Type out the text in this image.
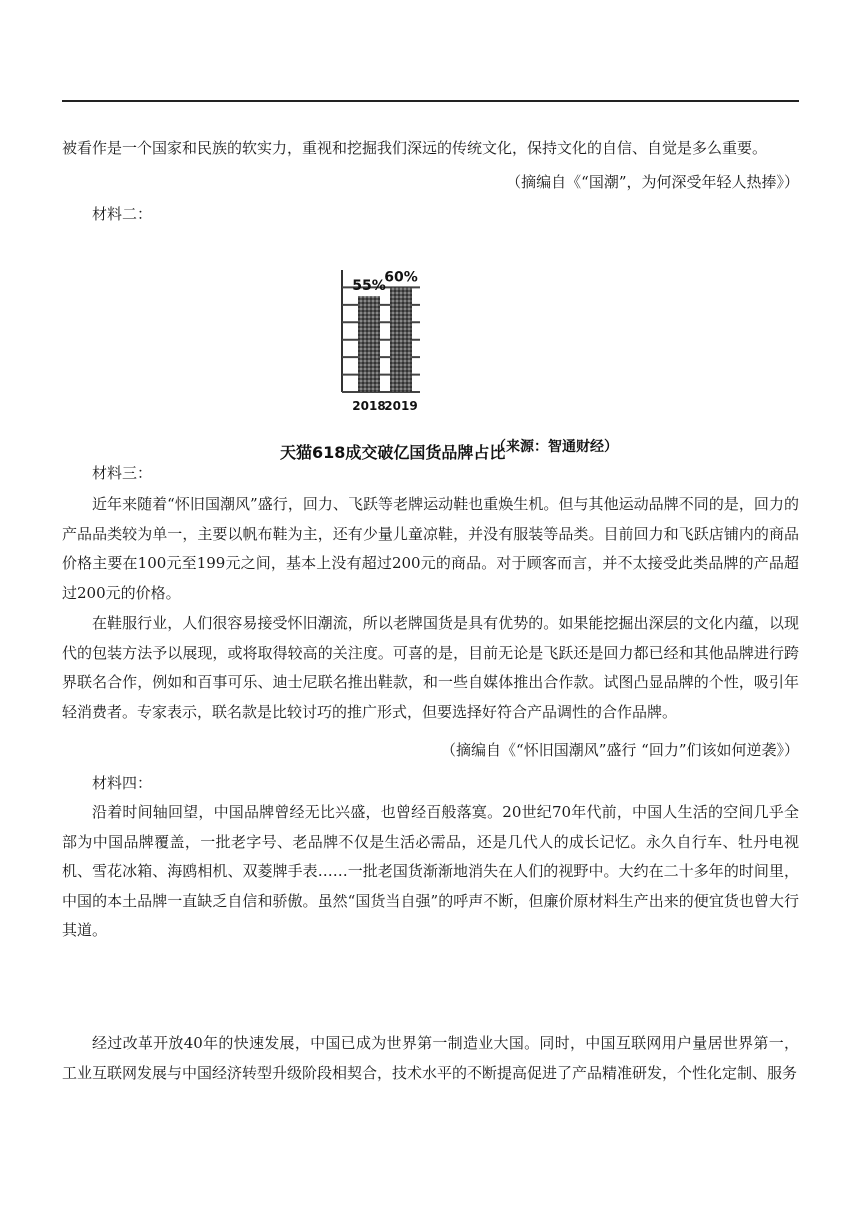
被看作是一个国家和民族的软实力，重视和挖掘我们深远的传统文化，保持文化的自信、自觉是多么重要。

（摘编自《“国潮”，为何深受年轻人热捧》）

材料二：

55%
60%
2018
2019
天猫618成交破亿国货品牌占比
（来源：智通财经）

材料三：

近年来随着“怀旧国潮风”盛行，回力、飞跃等老牌运动鞋也重焕生机。但与其他运动品牌不同的是，回力的产品品类较为单一，主要以帆布鞋为主，还有少量儿童凉鞋，并没有服装等品类。目前回力和飞跃店铺内的商品价格主要在100元至199元之间，基本上没有超过200元的商品。对于顾客而言，并不太接受此类品牌的产品超过200元的价格。

在鞋服行业，人们很容易接受怀旧潮流，所以老牌国货是具有优势的。如果能挖掘出深层的文化内蕴，以现代的包装方法予以展现，或将取得较高的关注度。可喜的是，目前无论是飞跃还是回力都已经和其他品牌进行跨界联名合作，例如和百事可乐、迪士尼联名推出鞋款，和一些自媒体推出合作款。试图凸显品牌的个性，吸引年轻消费者。专家表示，联名款是比较讨巧的推广形式，但要选择好符合产品调性的合作品牌。

（摘编自《“怀旧国潮风”盛行 “回力”们该如何逆袭》）

材料四：

沿着时间轴回望，中国品牌曾经无比兴盛，也曾经百般落寞。20世纪70年代前，中国人生活的空间几乎全部为中国品牌覆盖，一批老字号、老品牌不仅是生活必需品，还是几代人的成长记忆。永久自行车、牡丹电视机、雪花冰箱、海鸥相机、双菱牌手表……一批老国货渐渐地消失在人们的视野中。大约在二十多年的时间里，中国的本土品牌一直缺乏自信和骄傲。虽然“国货当自强”的呼声不断，但廉价原材料生产出来的便宜货也曾大行其道。

经过改革开放40年的快速发展，中国已成为世界第一制造业大国。同时，中国互联网用户量居世界第一，工业互联网发展与中国经济转型升级阶段相契合，技术水平的不断提高促进了产品精准研发，个性化定制、服务
